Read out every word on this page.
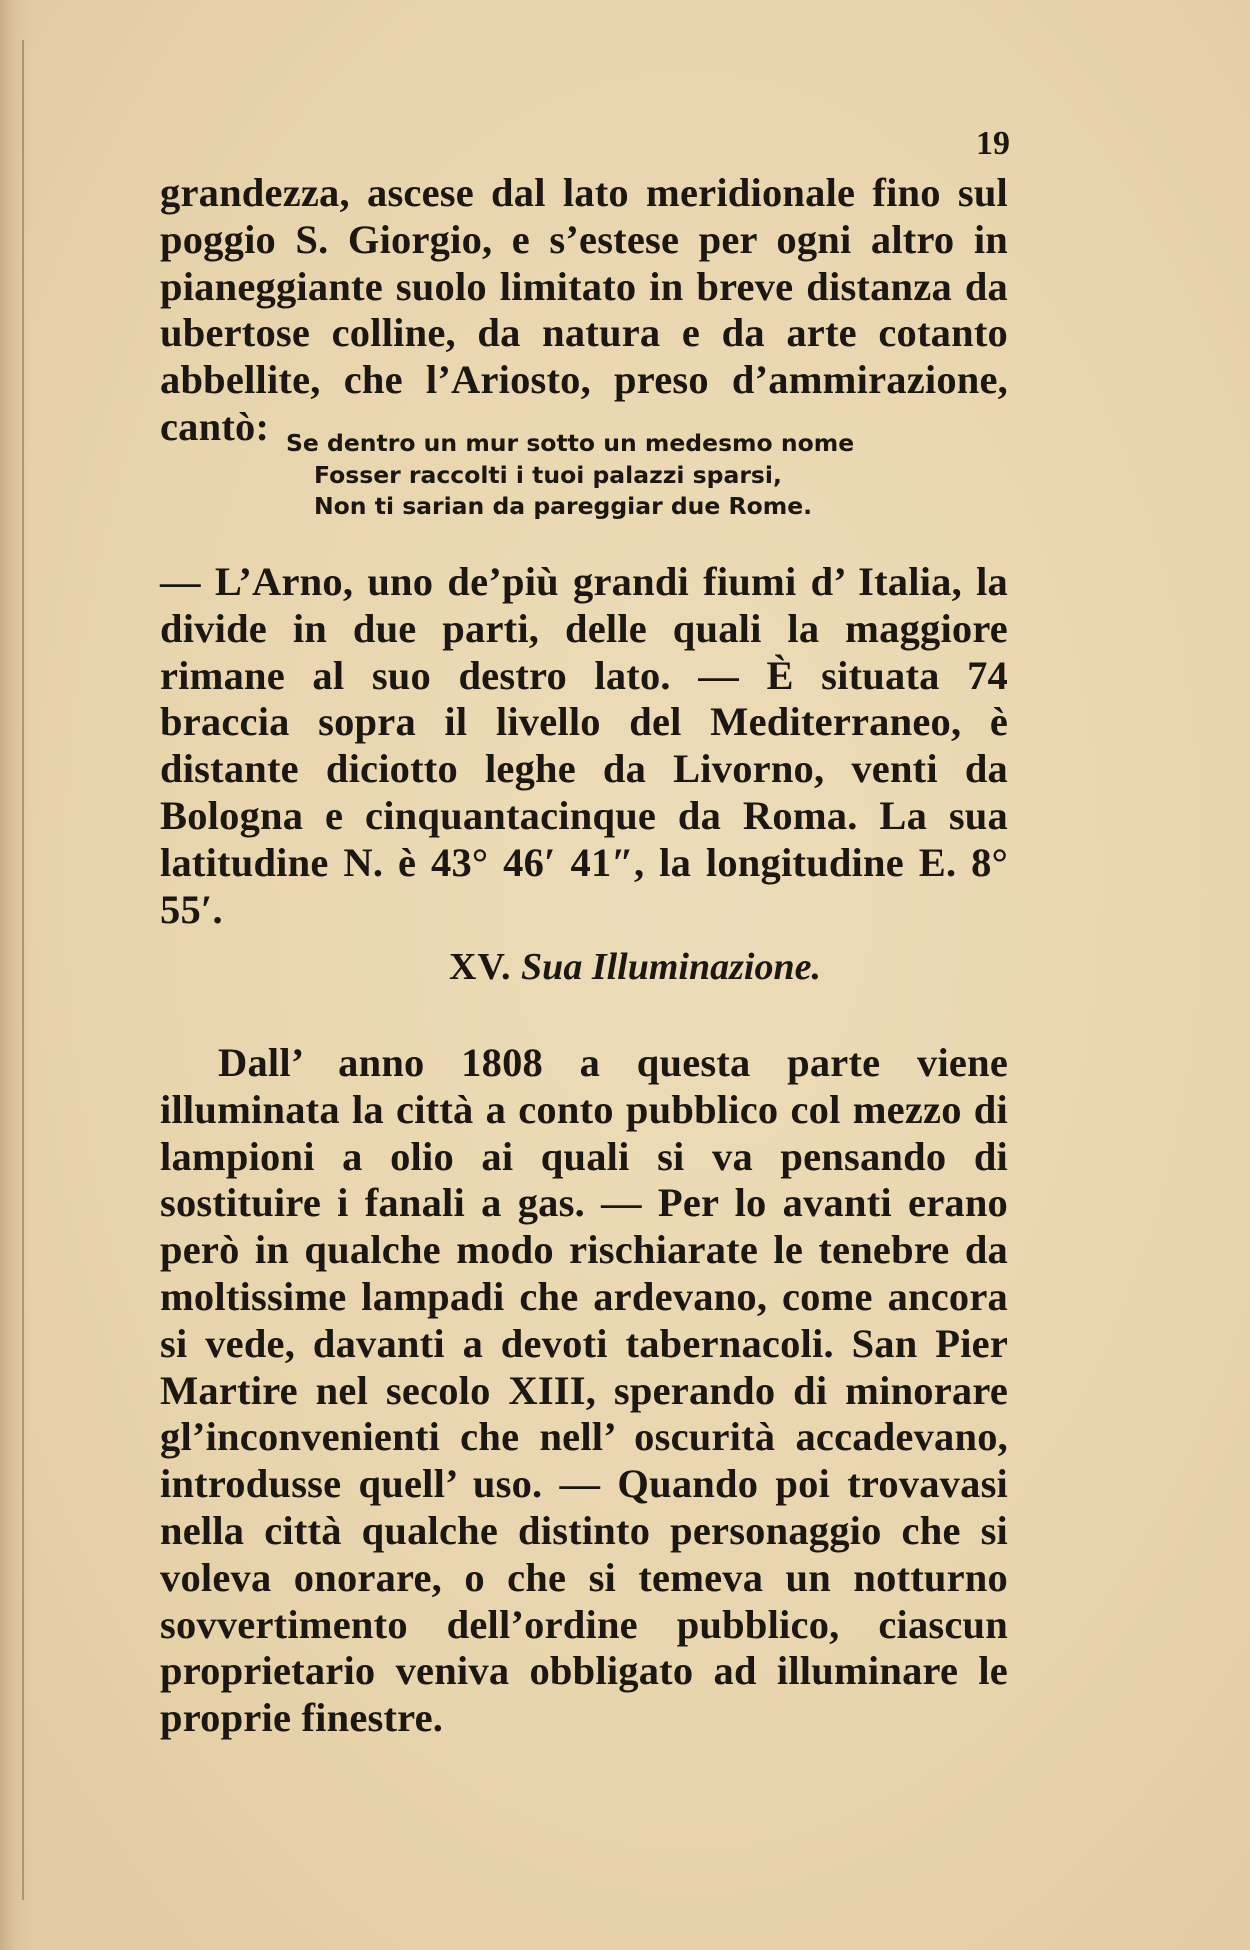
19

grandezza, ascese dal lato meridionale fino sul poggio S. Giorgio, e s’estese per ogni altro in pianeggiante suolo limitato in breve distanza da ubertose colline, da natura e da arte cotanto abbellite, che l’Ariosto, preso d’ammirazione, cantò: Se dentro un mur sotto un medesmo nome
Fosser raccolti i tuoi palazzi sparsi,
Non ti sarian da pareggiar due Rome.

— L’Arno, uno de’più grandi fiumi d’ Italia, la divide in due parti, delle quali la maggiore rimane al suo destro lato. — È situata 74 braccia sopra il livello del Mediterraneo, è distante diciotto leghe da Livorno, venti da Bologna e cinquantacinque da Roma. La sua latitudine N. è 43° 46′ 41″, la longitudine E. 8° 55′.

XV. Sua Illuminazione.

Dall’ anno 1808 a questa parte viene illuminata la città a conto pubblico col mezzo di lampioni a olio ai quali si va pensando di sostituire i fanali a gas. — Per lo avanti erano però in qualche modo rischiarate le tenebre da moltissime lampadi che ardevano, come ancora si vede, davanti a devoti tabernacoli. San Pier Martire nel secolo XIII, sperando di minorare gl’inconvenienti che nell’ oscurità accadevano, introdusse quell’ uso. — Quando poi trovavasi nella città qualche distinto personaggio che si voleva onorare, o che si temeva un notturno sovvertimento dell’ordine pubblico, ciascun proprietario veniva obbligato ad illuminare le proprie finestre.
